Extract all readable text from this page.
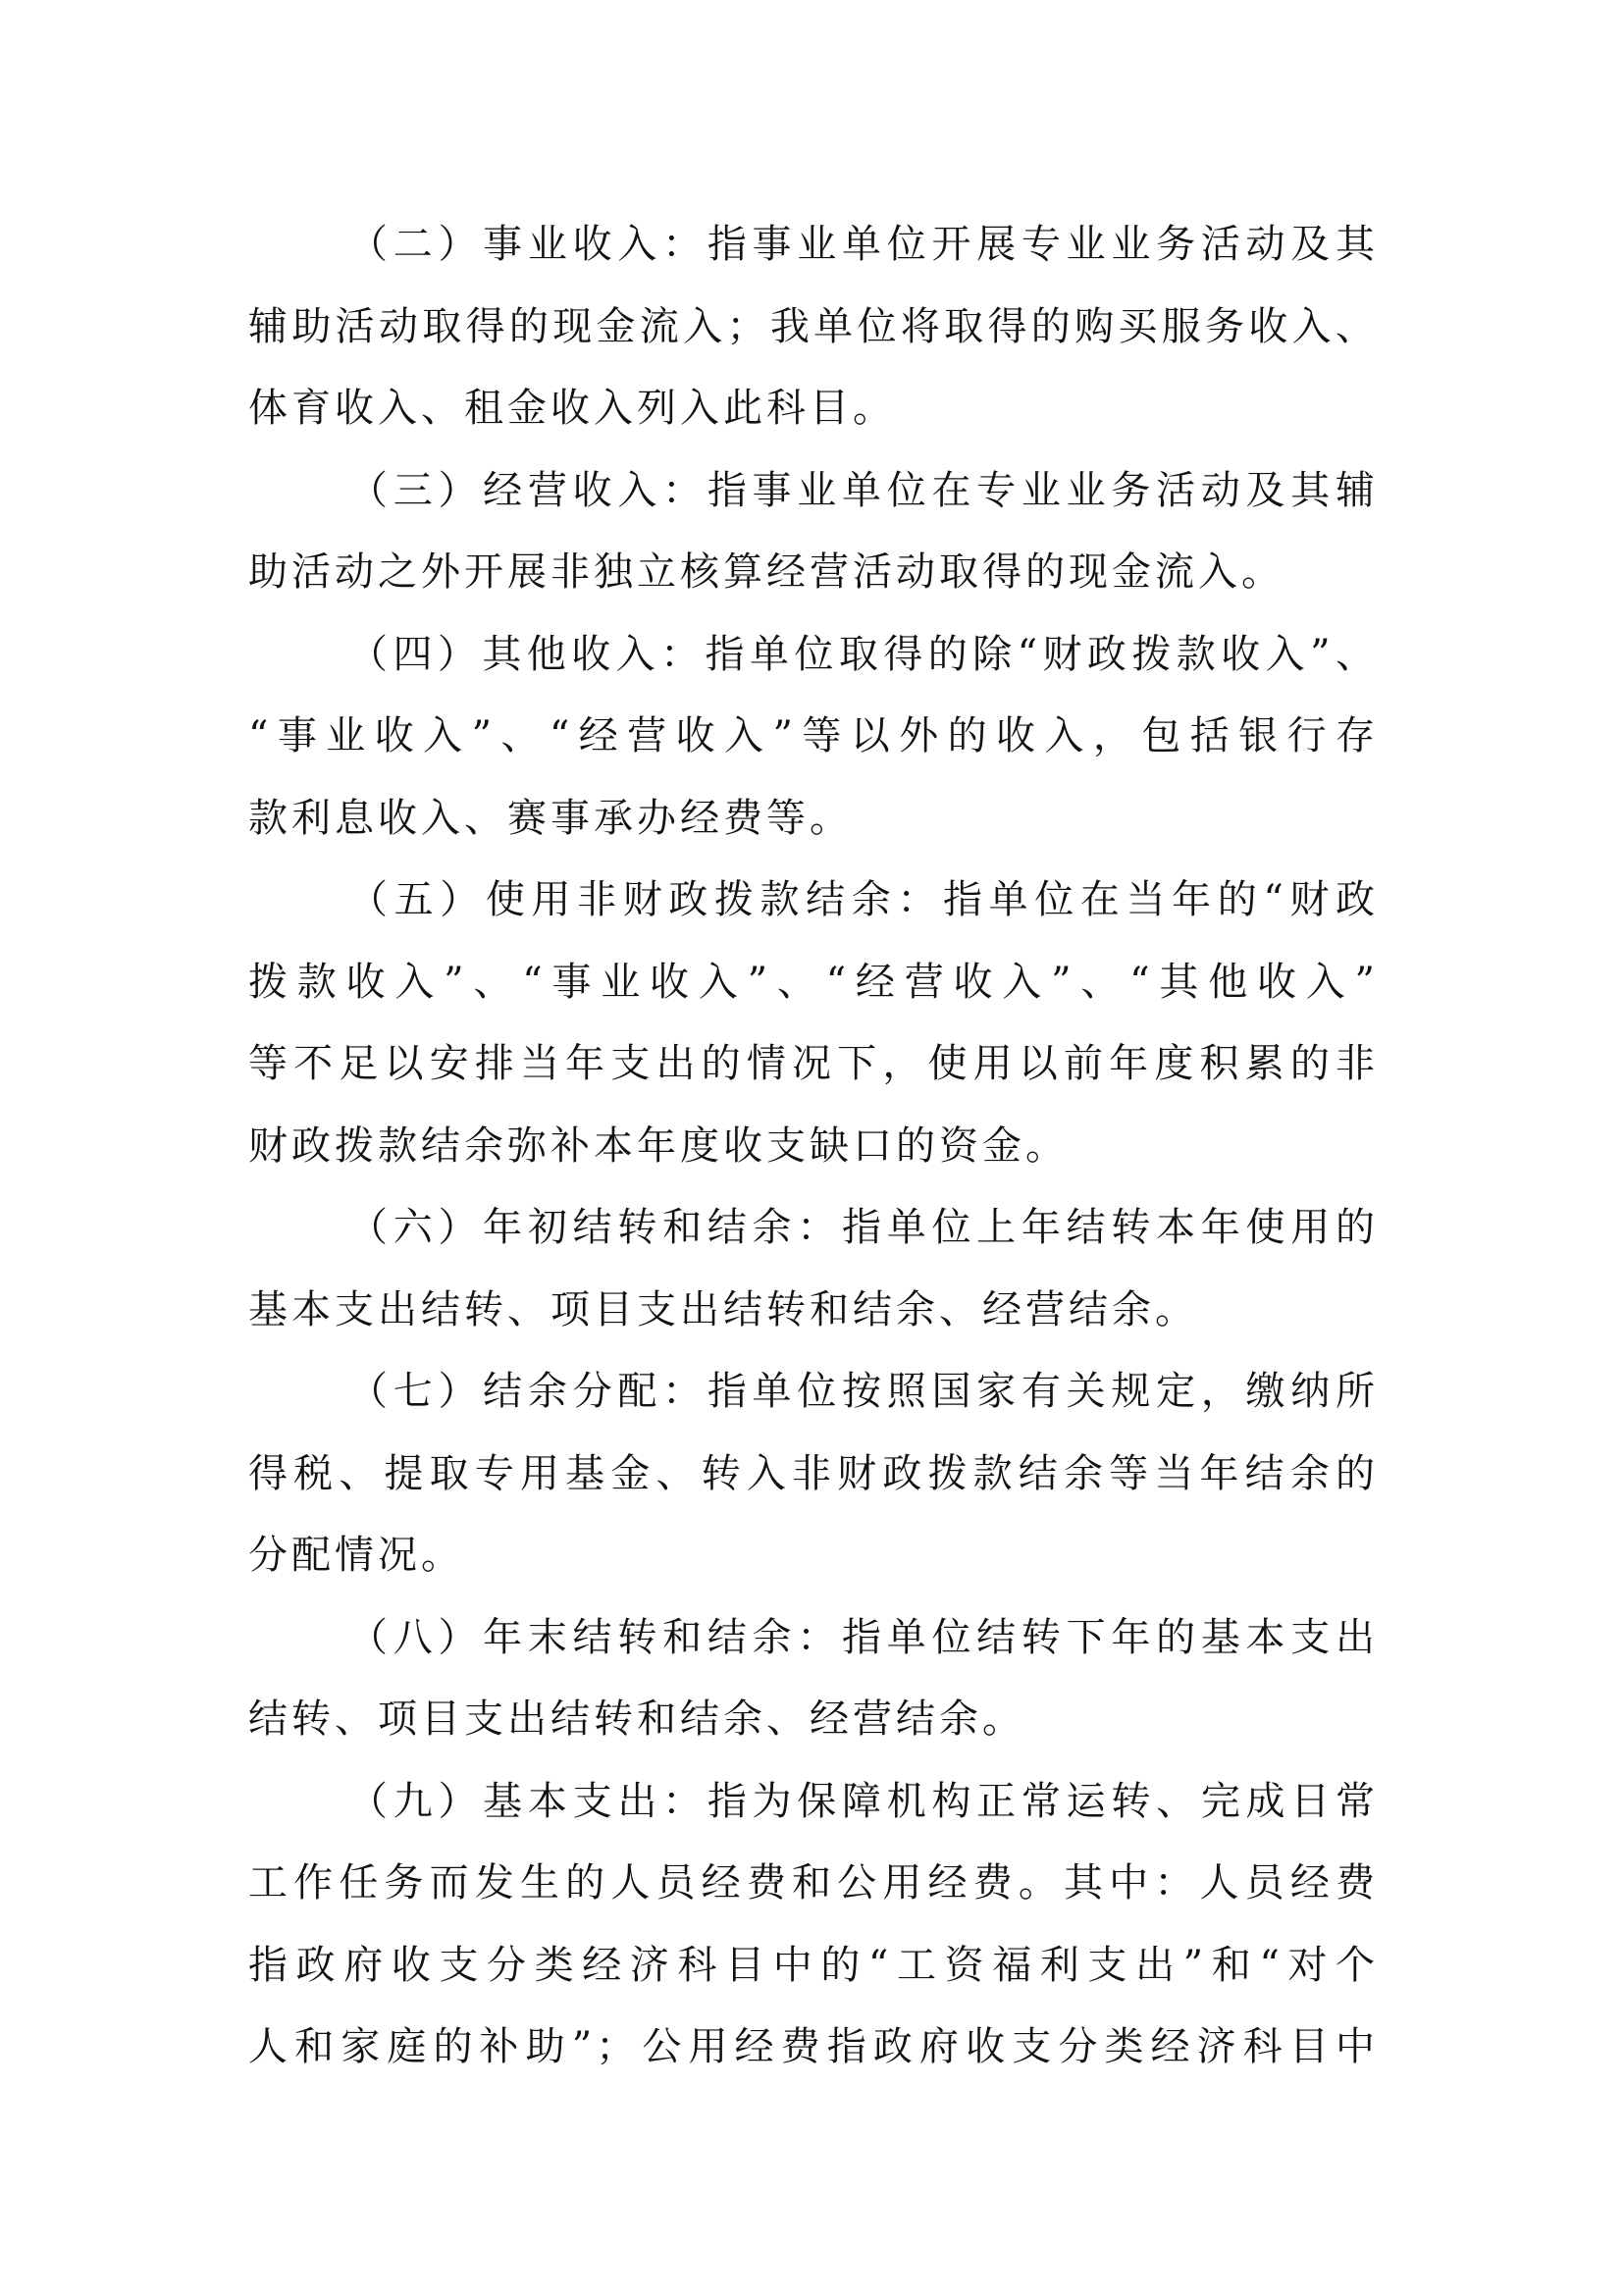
（二）事业收入：指事业单位开展专业业务活动及其
辅助活动取得的现金流入；我单位将取得的购买服务收入、
体育收入、租金收入列入此科目。
（三）经营收入：指事业单位在专业业务活动及其辅
助活动之外开展非独立核算经营活动取得的现金流入。
（四）其他收入：指单位取得的除“财政拨款收入”、
“事业收入”、“经营收入”等以外的收入，包括银行存
款利息收入、赛事承办经费等。
（五）使用非财政拨款结余：指单位在当年的“财政
拨款收入”、“事业收入”、“经营收入”、“其他收入”
等不足以安排当年支出的情况下，使用以前年度积累的非
财政拨款结余弥补本年度收支缺口的资金。
（六）年初结转和结余：指单位上年结转本年使用的
基本支出结转、项目支出结转和结余、经营结余。
（七）结余分配：指单位按照国家有关规定，缴纳所
得税、提取专用基金、转入非财政拨款结余等当年结余的
分配情况。
（八）年末结转和结余：指单位结转下年的基本支出
结转、项目支出结转和结余、经营结余。
（九）基本支出：指为保障机构正常运转、完成日常
工作任务而发生的人员经费和公用经费。其中：人员经费
指政府收支分类经济科目中的“工资福利支出”和“对个
人和家庭的补助”；公用经费指政府收支分类经济科目中
